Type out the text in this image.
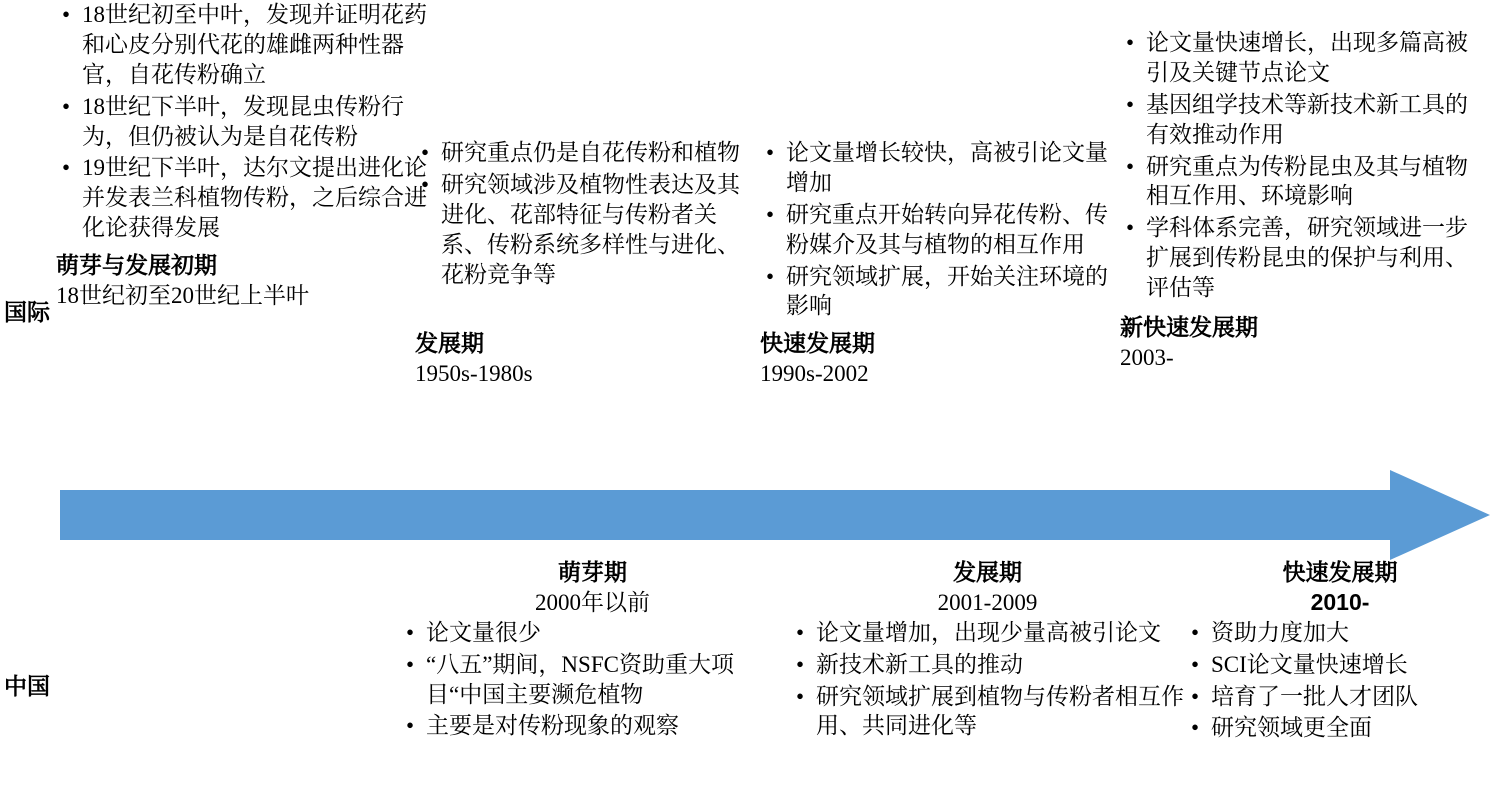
国际
中国
• 18世纪初至中叶，发现并证明花药和心皮分别代花的雄雌两种性器官，自花传粉确立
• 18世纪下半叶，发现昆虫传粉行为，但仍被认为是自花传粉
• 19世纪下半叶，达尔文提出进化论并发表兰科植物传粉，之后综合进化论获得发展
萌芽与发展初期
18世纪初至20世纪上半叶
• 研究重点仍是自花传粉和植物
• 研究领域涉及植物性表达及其进化、花部特征与传粉者关系、传粉系统多样性与进化、花粉竞争等
发展期
1950s-1980s
• 论文量增长较快，高被引论文量增加
• 研究重点开始转向异花传粉、传粉媒介及其与植物的相互作用
• 研究领域扩展，开始关注环境的影响
快速发展期
1990s-2002
• 论文量快速增长，出现多篇高被引及关键节点论文
• 基因组学技术等新技术新工具的有效推动作用
• 研究重点为传粉昆虫及其与植物相互作用、环境影响
• 学科体系完善，研究领域进一步扩展到传粉昆虫的保护与利用、评估等
新快速发展期
2003-
萌芽期
2000年以前
• 论文量很少
• “八五”期间，NSFC资助重大项目“中国主要濒危植物
• 主要是对传粉现象的观察
发展期
2001-2009
• 论文量增加，出现少量高被引论文
• 新技术新工具的推动
• 研究领域扩展到植物与传粉者相互作用、共同进化等
快速发展期
2010-
• 资助力度加大
• SCI论文量快速增长
• 培育了一批人才团队
• 研究领域更全面
